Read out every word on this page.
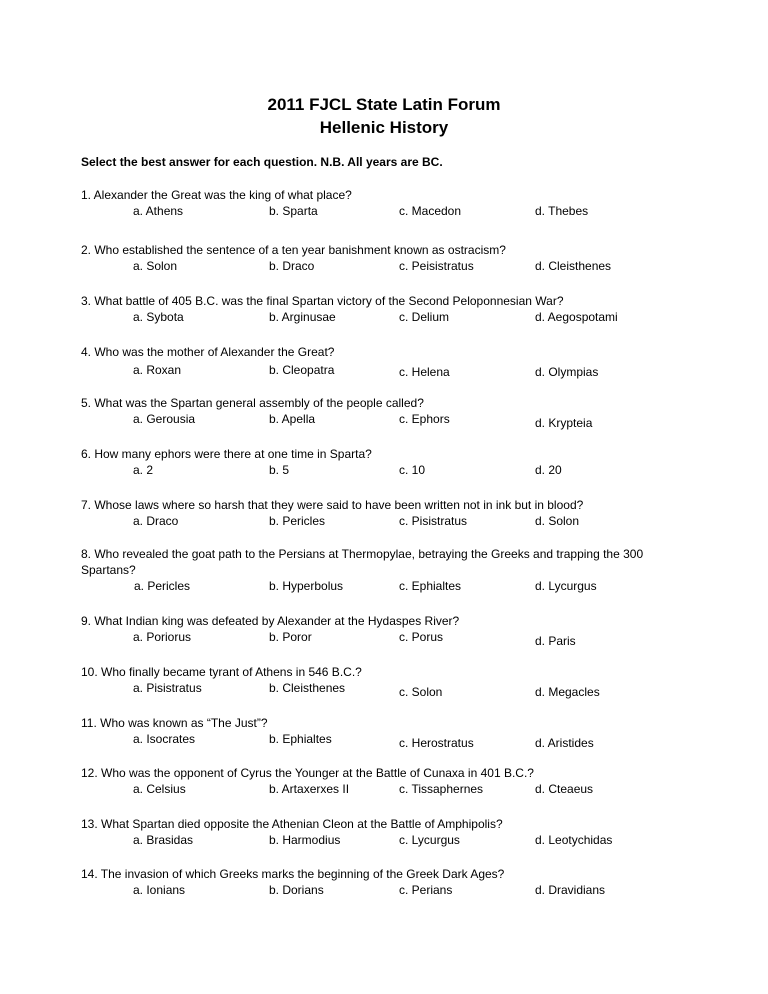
2011 FJCL State Latin Forum
Hellenic History
Select the best answer for each question. N.B. All years are BC.
1. Alexander the Great was the king of what place?
a. Athens	b. Sparta	c. Macedon	d. Thebes
2. Who established the sentence of a ten year banishment known as ostracism?
a. Solon	b. Draco	c. Peisistratus	d. Cleisthenes
3. What battle of 405 B.C. was the final Spartan victory of the Second Peloponnesian War?
a. Sybota	b. Arginusae	c. Delium	d. Aegospotami
4. Who was the mother of Alexander the Great?
a. Roxan	b. Cleopatra	c. Helena	d. Olympias
5. What was the Spartan general assembly of the people called?
a. Gerousia	b. Apella	c. Ephors	d. Krypteia
6. How many ephors were there at one time in Sparta?
a. 2	b. 5	c. 10	d. 20
7. Whose laws where so harsh that they were said to have been written not in ink but in blood?
a. Draco	b. Pericles	c. Pisistratus	d. Solon
8. Who revealed the goat path to the Persians at Thermopylae, betraying the Greeks and trapping the 300 Spartans?
a. Pericles	b. Hyperbolus	c. Ephialtes	d. Lycurgus
9. What Indian king was defeated by Alexander at the Hydaspes River?
a. Poriorus	b. Poror	c. Porus	d. Paris
10. Who finally became tyrant of Athens in 546 B.C.?
a. Pisistratus	b. Cleisthenes	c. Solon	d. Megacles
11. Who was known as “The Just”?
a. Isocrates	b. Ephialtes	c. Herostratus	d. Aristides
12. Who was the opponent of Cyrus the Younger at the Battle of Cunaxa in 401 B.C.?
a. Celsius	b. Artaxerxes II	c. Tissaphernes	d. Cteaeus
13. What Spartan died opposite the Athenian Cleon at the Battle of Amphipolis?
a. Brasidas	b. Harmodius	c. Lycurgus	d. Leotychidas
14. The invasion of which Greeks marks the beginning of the Greek Dark Ages?
a. Ionians	b. Dorians	c. Perians	d. Dravidians
